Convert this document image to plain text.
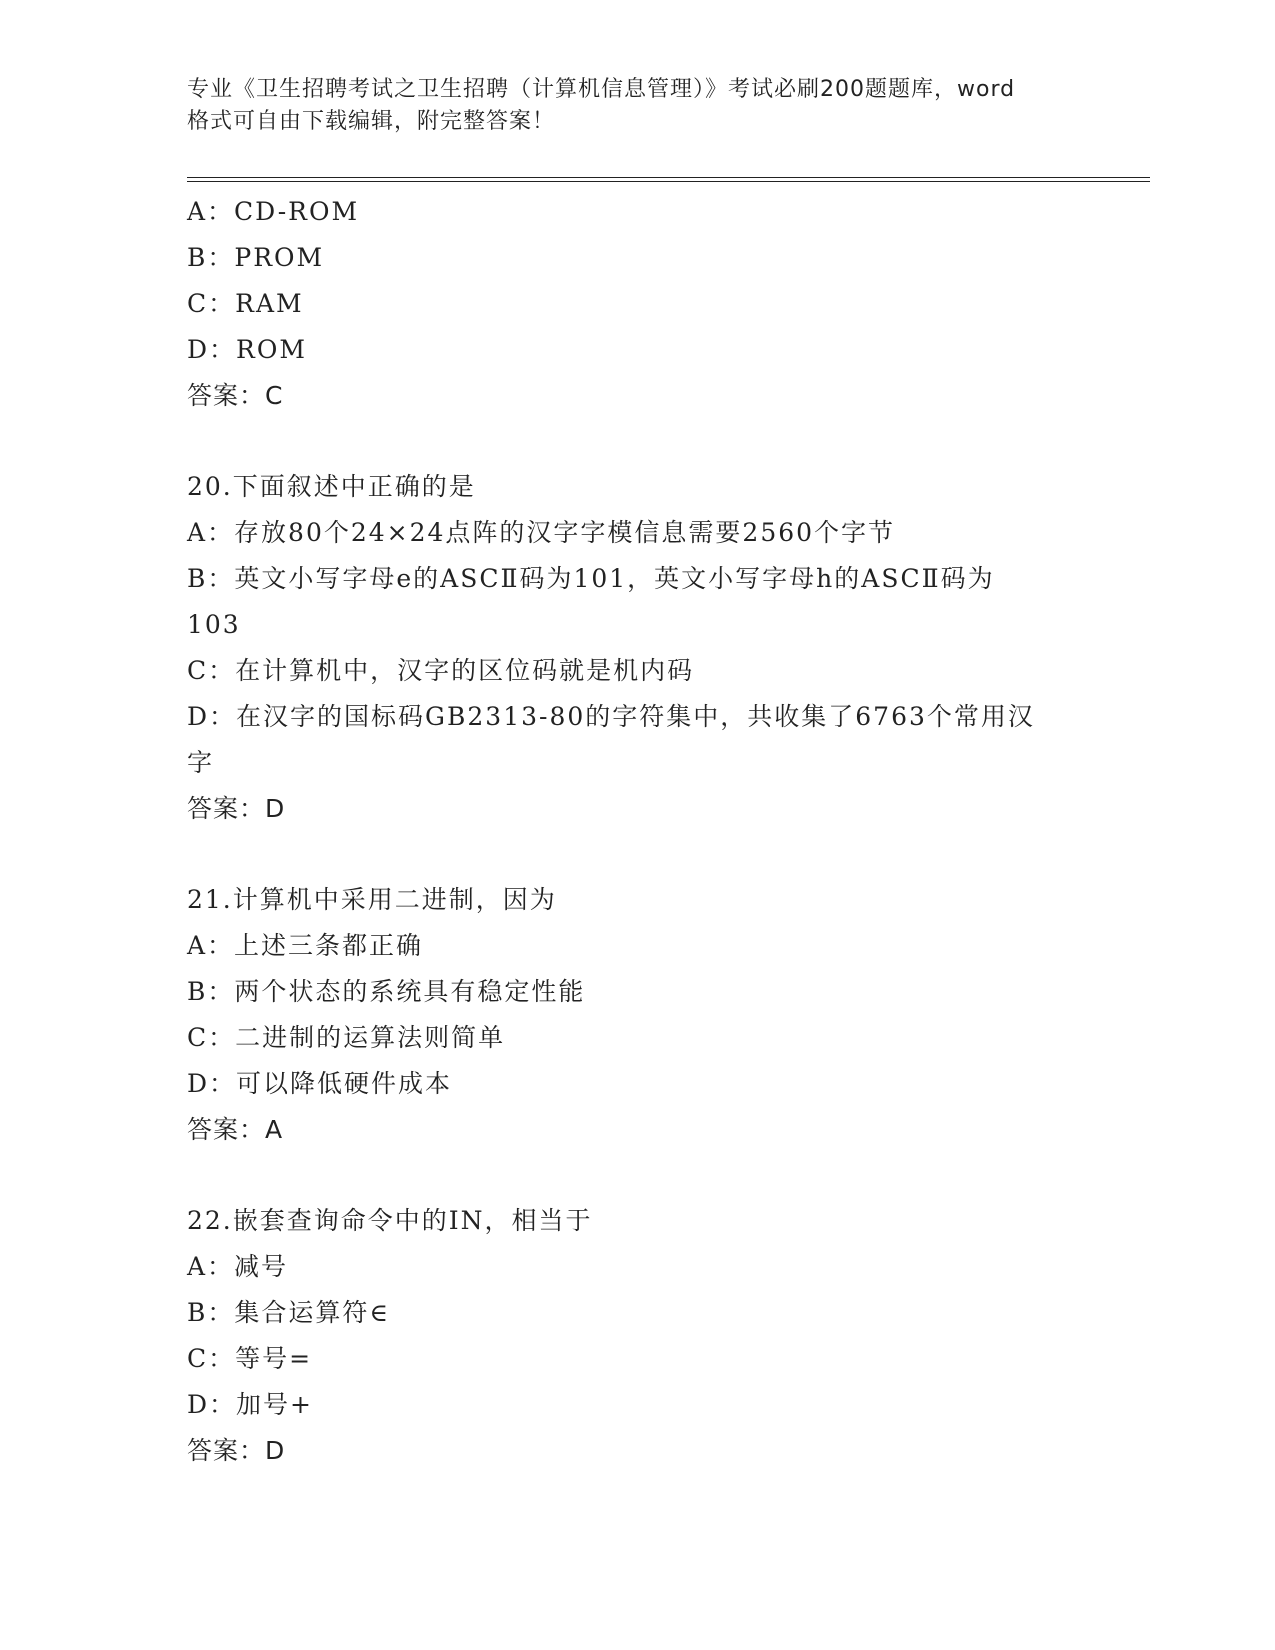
专业《卫生招聘考试之卫生招聘（计算机信息管理）》考试必刷200题题库，word
格式可自由下载编辑，附完整答案！
A：CD-ROM
B：PROM
C：RAM
D：ROM
答案：C
20.下面叙述中正确的是
A：存放80个24×24点阵的汉字字模信息需要2560个字节
B：英文小写字母e的ASCⅡ码为101，英文小写字母h的ASCⅡ码为
103
C：在计算机中，汉字的区位码就是机内码
D：在汉字的国标码GB2313-80的字符集中，共收集了6763个常用汉
字
答案：D
21.计算机中采用二进制，因为
A：上述三条都正确
B：两个状态的系统具有稳定性能
C：二进制的运算法则简单
D：可以降低硬件成本
答案：A
22.嵌套查询命令中的IN，相当于
A：减号
B：集合运算符∈
C：等号=
D：加号+
答案：D
